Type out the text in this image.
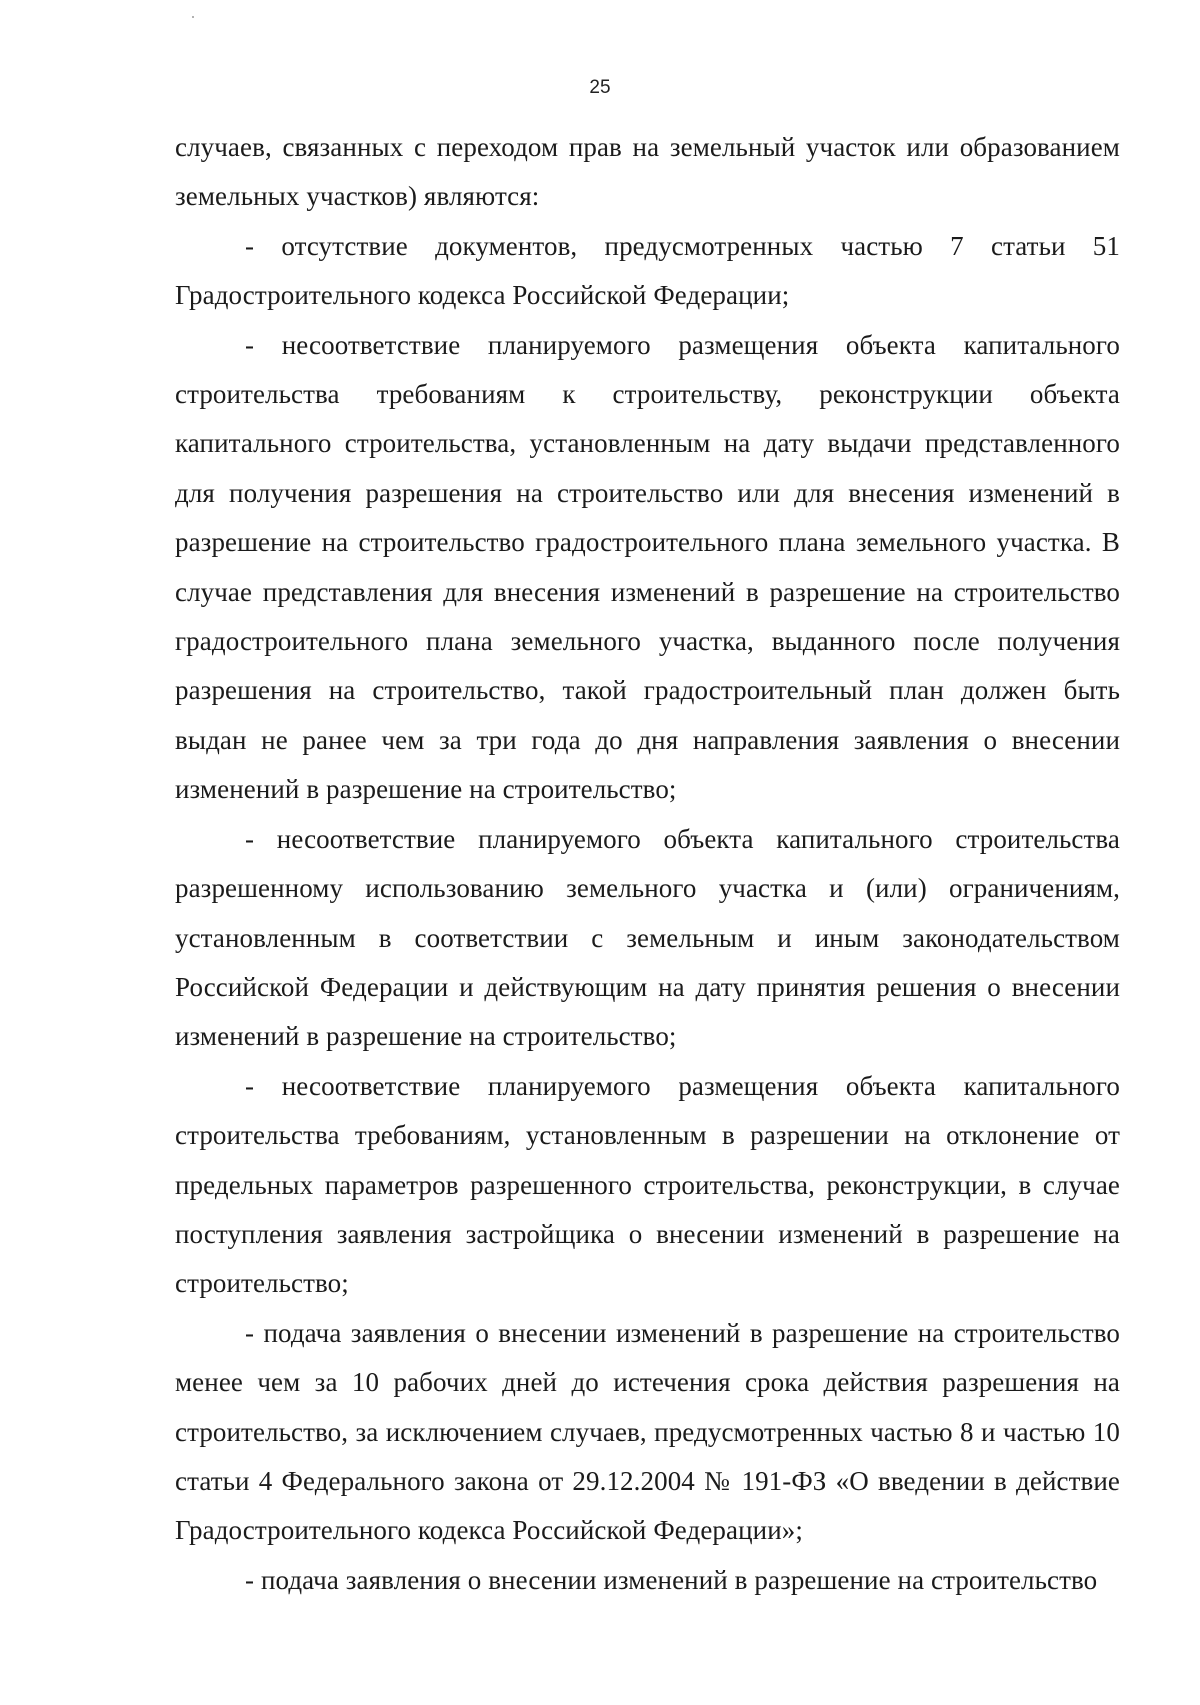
25

случаев, связанных с переходом прав на земельный участок или образованием земельных участков) являются:

- отсутствие документов, предусмотренных частью 7 статьи 51 Градостроительного кодекса Российской Федерации;

- несоответствие планируемого размещения объекта капитального строительства требованиям к строительству, реконструкции объекта капитального строительства, установленным на дату выдачи представленного для получения разрешения на строительство или для внесения изменений в разрешение на строительство градостроительного плана земельного участка. В случае представления для внесения изменений в разрешение на строительство градостроительного плана земельного участка, выданного после получения разрешения на строительство, такой градостроительный план должен быть выдан не ранее чем за три года до дня направления заявления о внесении изменений в разрешение на строительство;

- несоответствие планируемого объекта капитального строительства разрешенному использованию земельного участка и (или) ограничениям, установленным в соответствии с земельным и иным законодательством Российской Федерации и действующим на дату принятия решения о внесении изменений в разрешение на строительство;

- несоответствие планируемого размещения объекта капитального строительства требованиям, установленным в разрешении на отклонение от предельных параметров разрешенного строительства, реконструкции, в случае поступления заявления застройщика о внесении изменений в разрешение на строительство;

- подача заявления о внесении изменений в разрешение на строительство менее чем за 10 рабочих дней до истечения срока действия разрешения на строительство, за исключением случаев, предусмотренных частью 8 и частью 10 статьи 4 Федерального закона от 29.12.2004 № 191-ФЗ «О введении в действие Градостроительного кодекса Российской Федерации»;

- подача заявления о внесении изменений в разрешение на строительство
